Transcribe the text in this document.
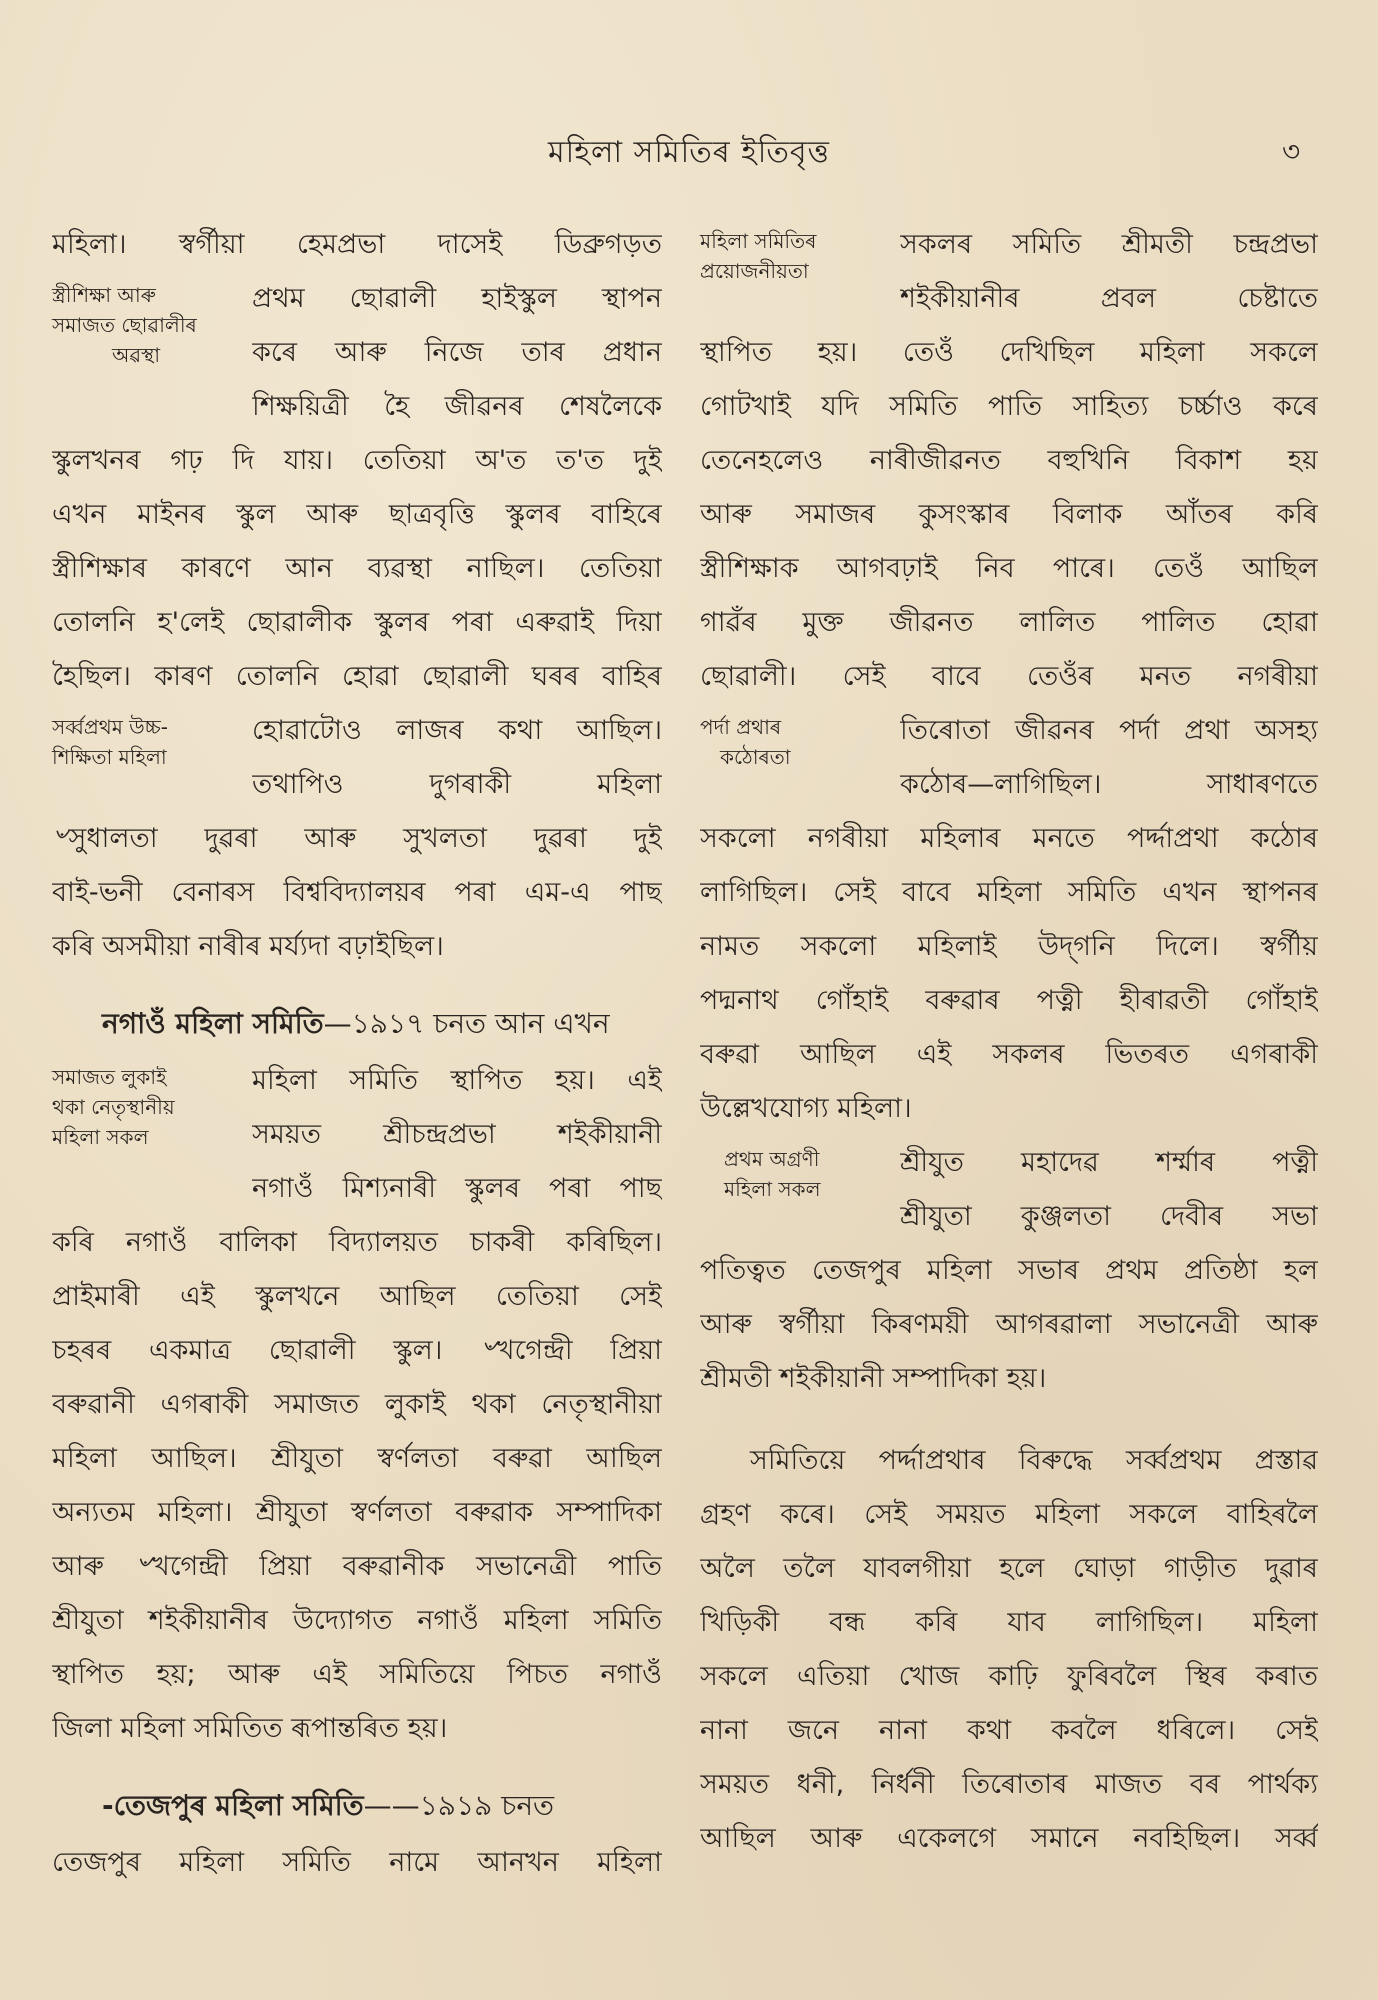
মহিলা সমিতিৰ ইতিবৃত্ত	৩
মহিলা। স্বৰ্গীয়া হেমপ্ৰভা দাসেই ডিব্ৰুগড়ত
স্ত্ৰীশিক্ষা আৰু
সমাজত ছোৱালীৰ
অৱস্থা
প্ৰথম ছোৱালী হাইস্কুল স্থাপন
কৰে আৰু নিজে তাৰ প্ৰধান
শিক্ষয়িত্ৰী হৈ জীৱনৰ শেষলৈকে
স্কুলখনৰ গঢ় দি যায়। তেতিয়া অ'ত ত'ত দুই
এখন মাইনৰ স্কুল আৰু ছাত্ৰবৃত্তি স্কুলৰ বাহিৰে
স্ত্ৰীশিক্ষাৰ কাৰণে আন ব্যৱস্থা নাছিল। তেতিয়া
তোলনি হ'লেই ছোৱালীক স্কুলৰ পৰা এৰুৱাই দিয়া
হৈছিল। কাৰণ তোলনি হোৱা ছোৱালী ঘৰৰ বাহিৰ
সৰ্ব্বপ্ৰথম উচ্চ-
শিক্ষিতা মহিলা
হোৱাটোও লাজৰ কথা আছিল।
তথাপিও দুগৰাকী মহিলা
৺সুধালতা দুৱৰা আৰু সুখলতা দুৱৰা দুই
বাই-ভনী বেনাৰস বিশ্ববিদ্যালয়ৰ পৰা এম-এ পাছ
কৰি অসমীয়া নাৰীৰ মৰ্য্যদা বঢ়াইছিল।
নগাওঁ মহিলা সমিতি—১৯১৭ চনত আন এখন
সমাজত লুকাই
থকা নেতৃস্থানীয়
মহিলা সকল
মহিলা সমিতি স্থাপিত হয়। এই
সময়ত শ্ৰীচন্দ্ৰপ্ৰভা শইকীয়ানী
নগাওঁ মিশ্যনাৰী স্কুলৰ পৰা পাছ
কৰি নগাওঁ বালিকা বিদ্যালয়ত চাকৰী কৰিছিল।
প্ৰাইমাৰী এই স্কুলখনে আছিল তেতিয়া সেই
চহৰৰ একমাত্ৰ ছোৱালী স্কুল। ৺খগেন্দ্ৰী প্ৰিয়া
বৰুৱানী এগৰাকী সমাজত লুকাই থকা নেতৃস্থানীয়া
মহিলা আছিল। শ্ৰীযুতা স্বৰ্ণলতা বৰুৱা আছিল
অন্যতম মহিলা। শ্ৰীযুতা স্বৰ্ণলতা বৰুৱাক সম্পাদিকা
আৰু ৺খগেন্দ্ৰী প্ৰিয়া বৰুৱানীক সভানেত্ৰী পাতি
শ্ৰীযুতা শইকীয়ানীৰ উদ্যোগত নগাওঁ মহিলা সমিতি
স্থাপিত হয়; আৰু এই সমিতিয়ে পিচত নগাওঁ
জিলা মহিলা সমিতিত ৰূপান্তৰিত হয়।
-তেজপুৰ মহিলা সমিতি——১৯১৯ চনত
তেজপুৰ মহিলা সমিতি নামে আনখন মহিলা
মহিলা সমিতিৰ
প্ৰয়োজনীয়তা
সকলৰ সমিতি শ্ৰীমতী চন্দ্ৰপ্ৰভা
শইকীয়ানীৰ প্ৰবল চেষ্টাতে
স্থাপিত হয়। তেওঁ দেখিছিল মহিলা সকলে
গোটখাই যদি সমিতি পাতি সাহিত্য চৰ্চ্চাও কৰে
তেনেহলেও নাৰীজীৱনত বহুখিনি বিকাশ হয়
আৰু সমাজৰ কুসংস্কাৰ বিলাক আঁতৰ কৰি
স্ত্ৰীশিক্ষাক আগবঢ়াই নিব পাৰে। তেওঁ আছিল
গাৱঁৰ মুক্ত জীৱনত লালিত পালিত হোৱা
ছোৱালী। সেই বাবে তেওঁৰ মনত নগৰীয়া
পৰ্দা প্ৰথাৰ
কঠোৰতা
তিৰোতা জীৱনৰ পৰ্দা প্ৰথা অসহ্য
কঠোৰ—লাগিছিল। সাধাৰণতে
সকলো নগৰীয়া মহিলাৰ মনতে পৰ্দ্দাপ্ৰথা কঠোৰ
লাগিছিল। সেই বাবে মহিলা সমিতি এখন স্থাপনৰ
নামত সকলো মহিলাই উদ্‌গনি দিলে। স্বৰ্গীয়
পদ্মনাথ গোঁহাই বৰুৱাৰ পত্নী হীৰাৱতী গোঁহাই
বৰুৱা আছিল এই সকলৰ ভিতৰত এগৰাকী
উল্লেখযোগ্য মহিলা।
প্ৰথম অগ্ৰণী
মহিলা সকল
শ্ৰীযুত মহাদেৱ শৰ্ম্মাৰ পত্নী
শ্ৰীযুতা কুঞ্জলতা দেবীৰ সভা
পতিত্বত তেজপুৰ মহিলা সভাৰ প্ৰথম প্ৰতিষ্ঠা হল
আৰু স্বৰ্গীয়া কিৰণময়ী আগৰৱালা সভানেত্ৰী আৰু
শ্ৰীমতী শইকীয়ানী সম্পাদিকা হয়।
সমিতিয়ে পৰ্দ্দাপ্ৰথাৰ বিৰুদ্ধে সৰ্ব্বপ্ৰথম প্ৰস্তাৱ
গ্ৰহণ কৰে। সেই সময়ত মহিলা সকলে বাহিৰলৈ
অলৈ তলৈ যাবলগীয়া হলে ঘোড়া গাড়ীত দুৱাৰ
খিড়িকী বন্ধ কৰি যাব লাগিছিল। মহিলা
সকলে এতিয়া খোজ কাঢ়ি ফুৰিবলৈ স্থিৰ কৰাত
নানা জনে নানা কথা কবলৈ ধৰিলে। সেই
সময়ত ধনী, নিৰ্ধনী তিৰোতাৰ মাজত বৰ পাৰ্থক্য
আছিল আৰু একেলগে সমানে নবহিছিল। সৰ্ব্ব
